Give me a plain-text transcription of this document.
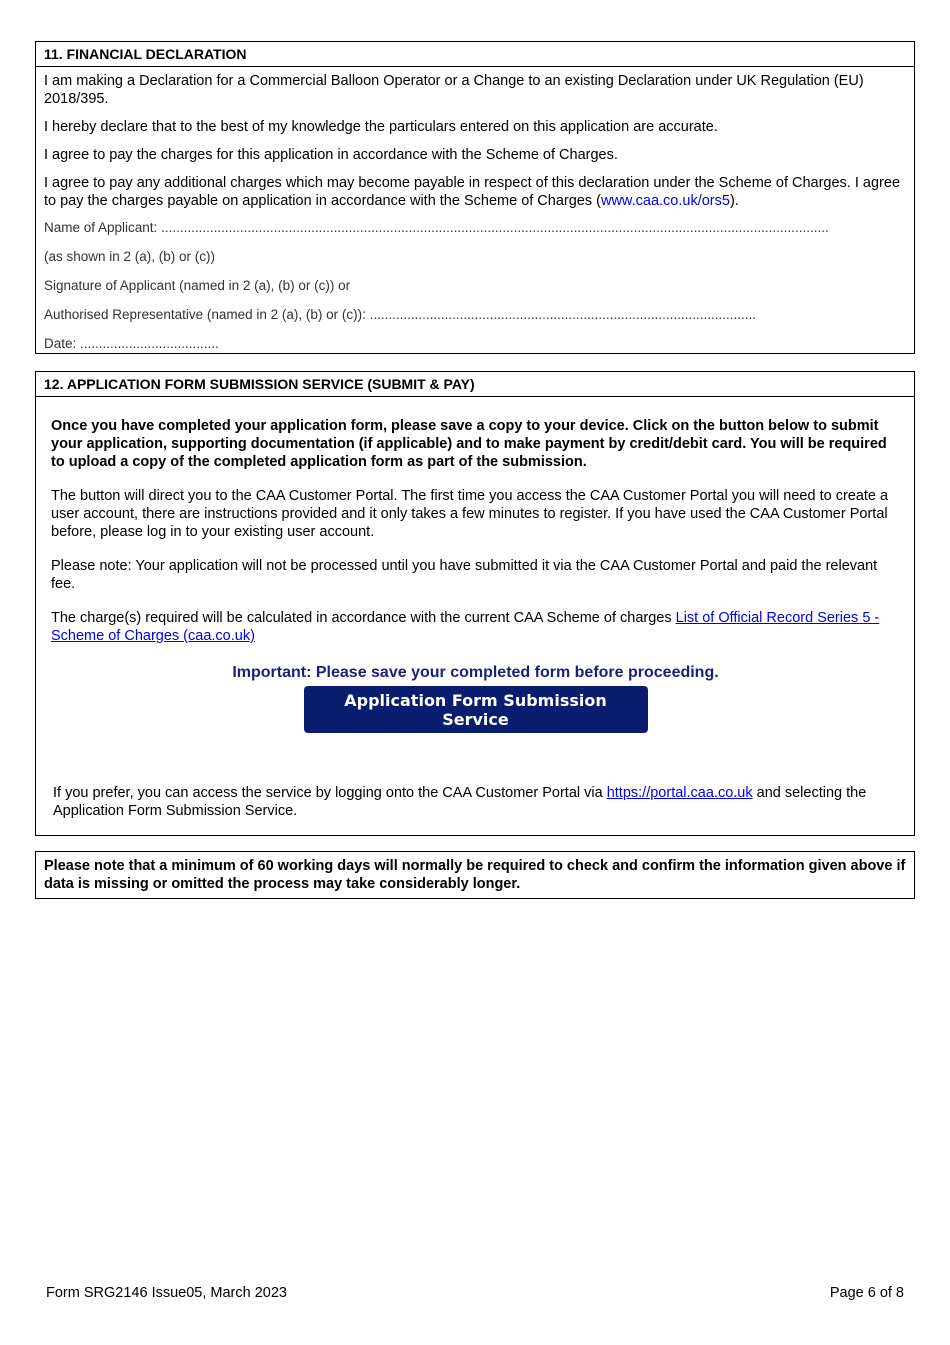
11. FINANCIAL DECLARATION

I am making a Declaration for a Commercial Balloon Operator or a Change to an existing Declaration under UK Regulation (EU) 2018/395.

I hereby declare that to the best of my knowledge the particulars entered on this application are accurate.

I agree to pay the charges for this application in accordance with the Scheme of Charges.

I agree to pay any additional charges which may become payable in respect of this declaration under the Scheme of Charges. I agree to pay the charges payable on application in accordance with the Scheme of Charges (www.caa.co.uk/ors5).

Name of Applicant: ..................................................................................................................................................................................

(as shown in 2 (a), (b) or (c))

Signature of Applicant (named in 2 (a), (b) or (c)) or

Authorised Representative (named in 2 (a), (b) or (c)): .......................................................................................................

Date: .....................................

12. APPLICATION FORM SUBMISSION SERVICE (SUBMIT & PAY)

Once you have completed your application form, please save a copy to your device. Click on the button below to submit your application, supporting documentation (if applicable) and to make payment by credit/debit card. You will be required to upload a copy of the completed application form as part of the submission.

The button will direct you to the CAA Customer Portal. The first time you access the CAA Customer Portal you will need to create a user account, there are instructions provided and it only takes a few minutes to register. If you have used the CAA Customer Portal before, please log in to your existing user account.

Please note: Your application will not be processed until you have submitted it via the CAA Customer Portal and paid the relevant fee.

The charge(s) required will be calculated in accordance with the current CAA Scheme of charges List of Official Record Series 5 - Scheme of Charges (caa.co.uk)

Important: Please save your completed form before proceeding.
Application Form Submission Service

If you prefer, you can access the service by logging onto the CAA Customer Portal via https://portal.caa.co.uk and selecting the Application Form Submission Service.

Please note that a minimum of 60 working days will normally be required to check and confirm the information given above if data is missing or omitted the process may take considerably longer.

Form SRG2146 Issue05, March 2023	Page 6 of 8
